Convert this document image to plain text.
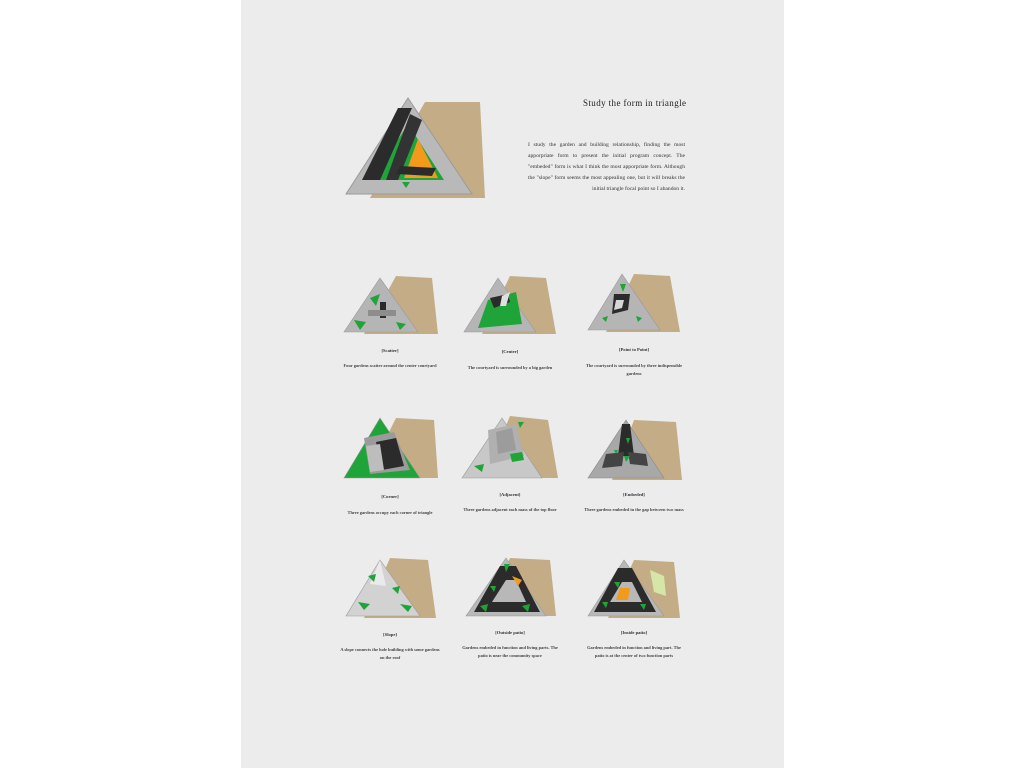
Study the form in triangle
I study the garden and building relationship, finding the most apporpriate form to present the initial program concept. The "embeded" form is what I think the most apporpriate form. Although the "slope" form seems the most appealing one, but it will breaks the initial triangle focal point so I abandon it.
[Scatter]
Four gardens scatter around the center courtyard
[Center]
The courtyard is surrounded by a big garden
[Point to Point]
The courtyard is surrounded by three indispensible gardens
[Corner]
Three gardens occupy each corner of triangle
[Adjacent]
Three gardens adjacent each mass of the top floor
[Embeded]
Three gardens embeded in the gap between two mass
[Slope]
A slope connects the hole building with some gardens on the roof
[Outside patio]
Gardens embeded in function and living parts. The patio is near the community space
[Inside patio]
Gardens embeded in function and living part. The patio is at the center of two function parts
